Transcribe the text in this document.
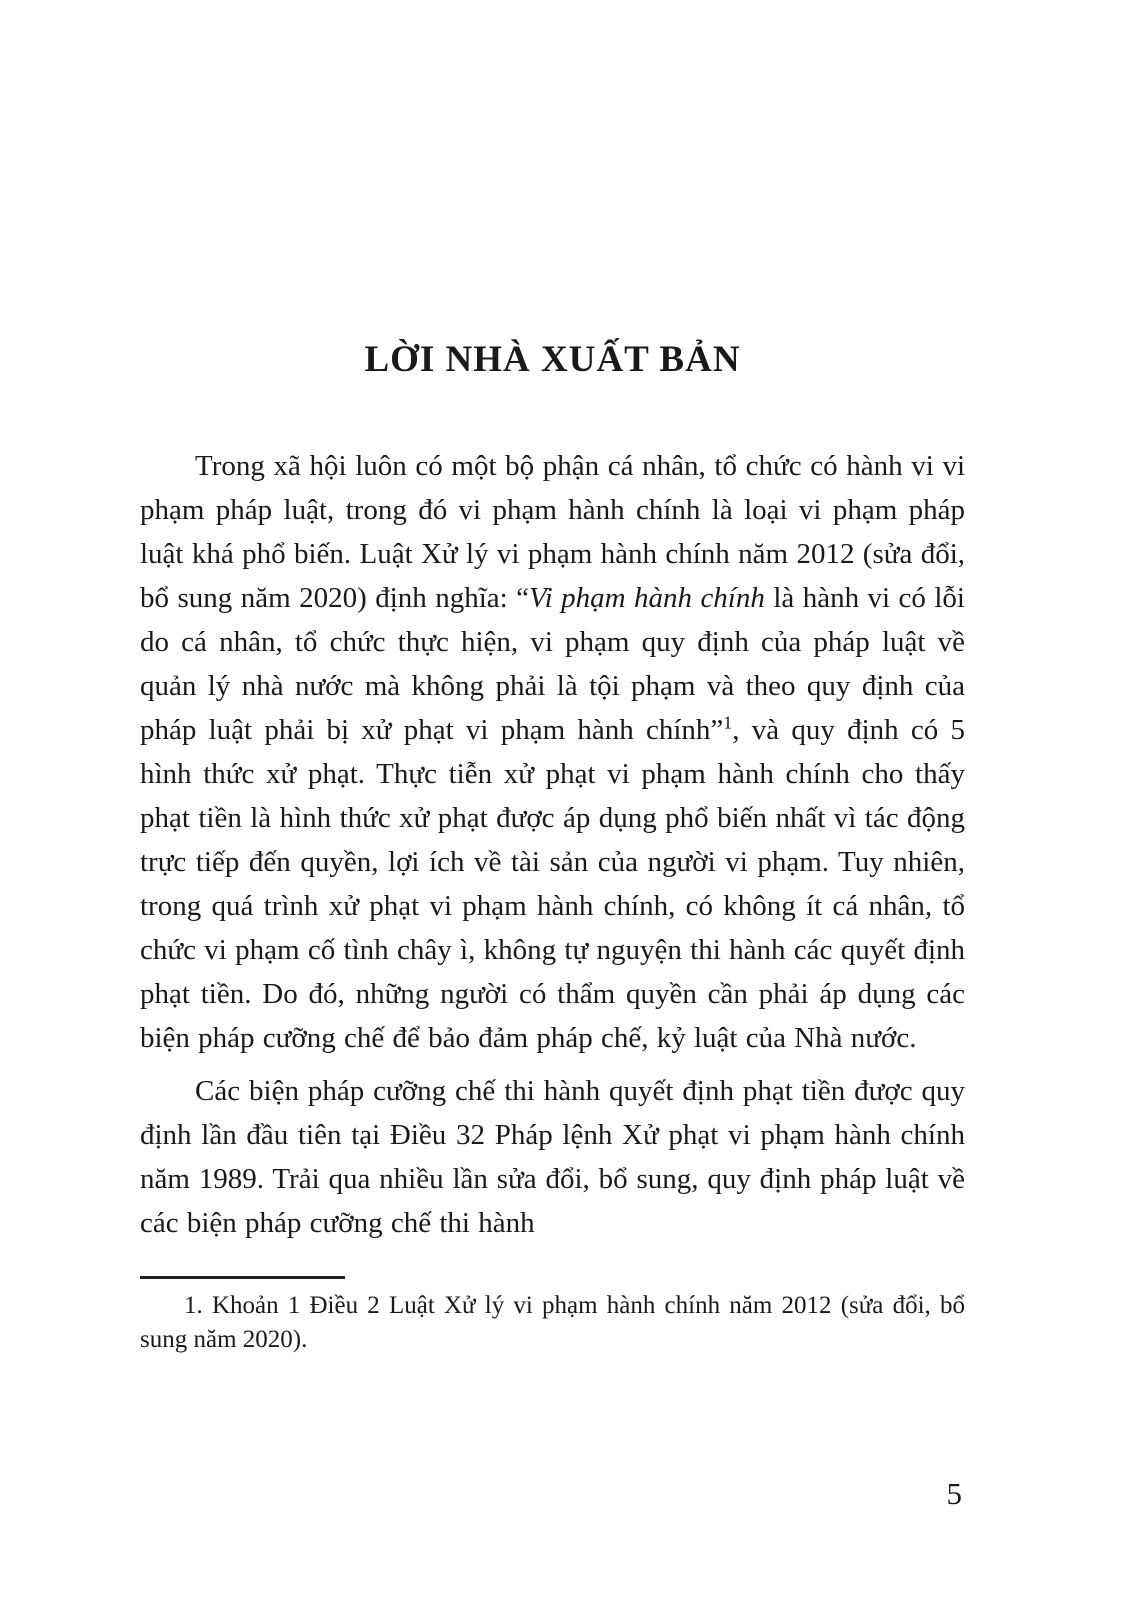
LỜI NHÀ XUẤT BẢN

Trong xã hội luôn có một bộ phận cá nhân, tổ chức có hành vi vi phạm pháp luật, trong đó vi phạm hành chính là loại vi phạm pháp luật khá phổ biến. Luật Xử lý vi phạm hành chính năm 2012 (sửa đổi, bổ sung năm 2020) định nghĩa: “Vi phạm hành chính là hành vi có lỗi do cá nhân, tổ chức thực hiện, vi phạm quy định của pháp luật về quản lý nhà nước mà không phải là tội phạm và theo quy định của pháp luật phải bị xử phạt vi phạm hành chính”$^1$, và quy định có 5 hình thức xử phạt. Thực tiễn xử phạt vi phạm hành chính cho thấy phạt tiền là hình thức xử phạt được áp dụng phổ biến nhất vì tác động trực tiếp đến quyền, lợi ích về tài sản của người vi phạm. Tuy nhiên, trong quá trình xử phạt vi phạm hành chính, có không ít cá nhân, tổ chức vi phạm cố tình chây ì, không tự nguyện thi hành các quyết định phạt tiền. Do đó, những người có thẩm quyền cần phải áp dụng các biện pháp cưỡng chế để bảo đảm pháp chế, kỷ luật của Nhà nước.

Các biện pháp cưỡng chế thi hành quyết định phạt tiền được quy định lần đầu tiên tại Điều 32 Pháp lệnh Xử phạt vi phạm hành chính năm 1989. Trải qua nhiều lần sửa đổi, bổ sung, quy định pháp luật về các biện pháp cưỡng chế thi hành

1. Khoản 1 Điều 2 Luật Xử lý vi phạm hành chính năm 2012 (sửa đổi, bổ sung năm 2020).

5
